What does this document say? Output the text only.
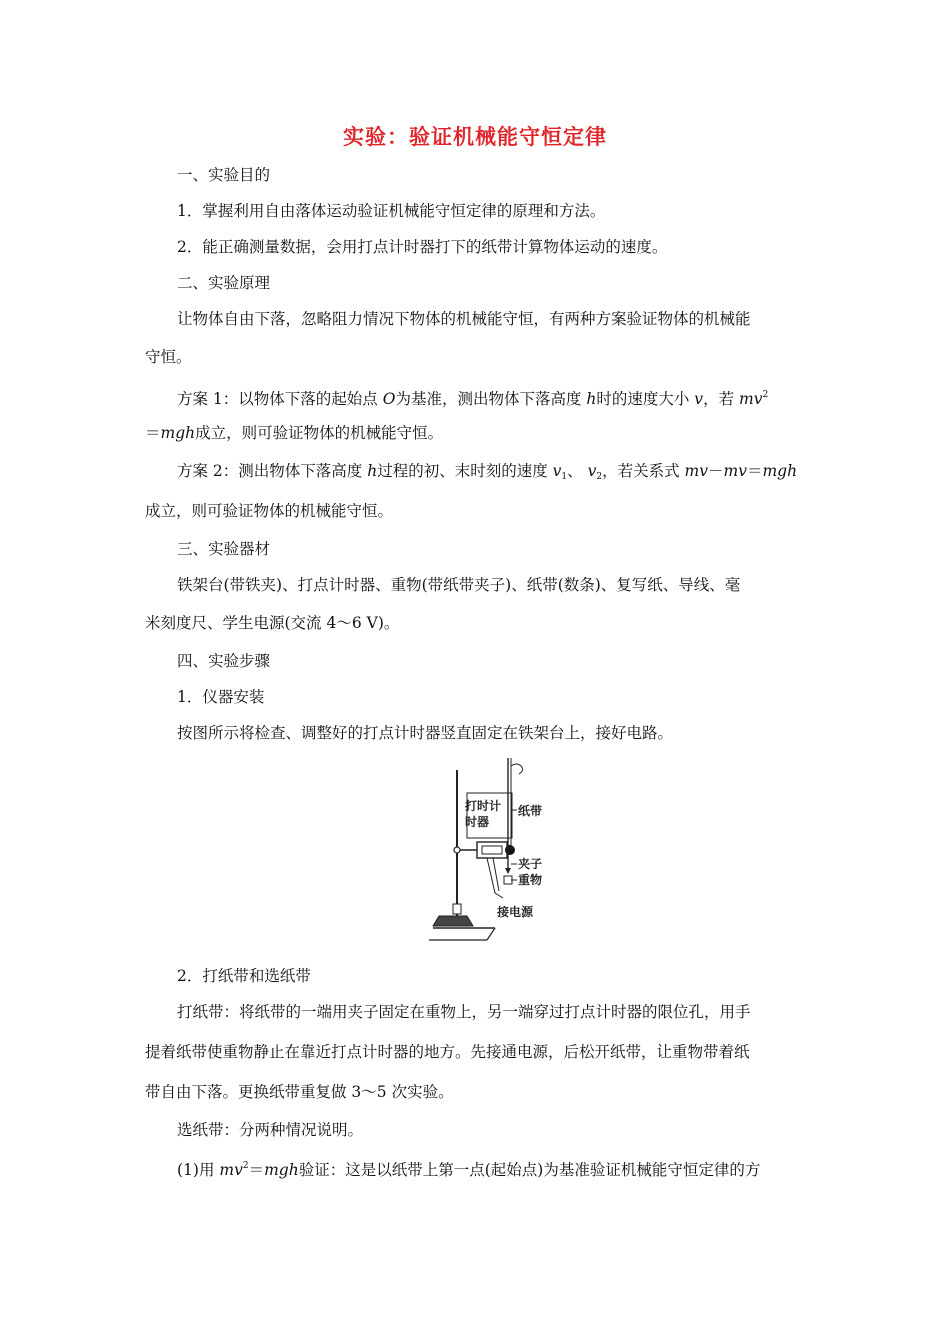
实验：验证机械能守恒定律
一、实验目的
1．掌握利用自由落体运动验证机械能守恒定律的原理和方法。
2．能正确测量数据，会用打点计时器打下的纸带计算物体运动的速度。
二、实验原理
让物体自由下落，忽略阻力情况下物体的机械能守恒，有两种方案验证物体的机械能
守恒。
方案 1：以物体下落的起始点 O为基准，测出物体下落高度 h时的速度大小 v，若 $mv^2$
＝mgh成立，则可验证物体的机械能守恒。
方案 2：测出物体下落高度 h过程的初、末时刻的速度 $v_1$、 $v_2$，若关系式 mv－mv＝mgh
成立，则可验证物体的机械能守恒。
三、实验器材
铁架台(带铁夹)、打点计时器、重物(带纸带夹子)、纸带(数条)、复写纸、导线、毫
米刻度尺、学生电源(交流 4～6 V)。
四、实验步骤
1．仪器安装
按图所示将检查、调整好的打点计时器竖直固定在铁架台上，接好电路。
打时计
时器
纸带
夹子
重物
接电源
2．打纸带和选纸带
打纸带：将纸带的一端用夹子固定在重物上，另一端穿过打点计时器的限位孔，用手
提着纸带使重物静止在靠近打点计时器的地方。先接通电源，后松开纸带，让重物带着纸
带自由下落。更换纸带重复做 3～5 次实验。
选纸带：分两种情况说明。
(1)用 $mv^2=mgh$验证：这是以纸带上第一点(起始点)为基准验证机械能守恒定律的方
